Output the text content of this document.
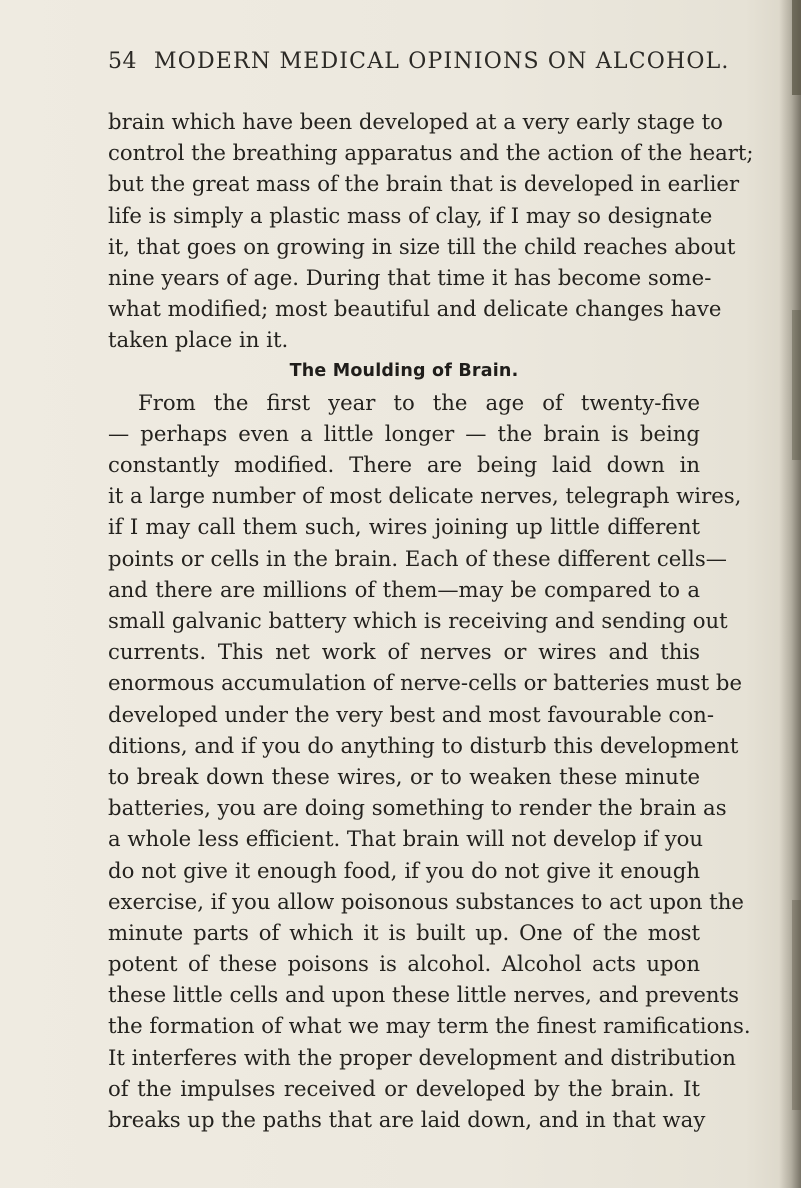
54 MODERN MEDICAL OPINIONS ON ALCOHOL.
brain which have been developed at a very early stage to
control the breathing apparatus and the action of the heart;
but the great mass of the brain that is developed in earlier
life is simply a plastic mass of clay, if I may so designate
it, that goes on growing in size till the child reaches about
nine years of age. During that time it has become some-
what modified; most beautiful and delicate changes have
taken place in it.
The Moulding of Brain.
From the first year to the age of twenty-five
— perhaps even a little longer — the brain is being
constantly modified. There are being laid down in
it a large number of most delicate nerves, telegraph wires,
if I may call them such, wires joining up little different
points or cells in the brain. Each of these different cells—
and there are millions of them—may be compared to a
small galvanic battery which is receiving and sending out
currents. This net work of nerves or wires and this
enormous accumulation of nerve-cells or batteries must be
developed under the very best and most favourable con-
ditions, and if you do anything to disturb this development
to break down these wires, or to weaken these minute
batteries, you are doing something to render the brain as
a whole less efficient. That brain will not develop if you
do not give it enough food, if you do not give it enough
exercise, if you allow poisonous substances to act upon the
minute parts of which it is built up. One of the most
potent of these poisons is alcohol. Alcohol acts upon
these little cells and upon these little nerves, and prevents
the formation of what we may term the finest ramifications.
It interferes with the proper development and distribution
of the impulses received or developed by the brain. It
breaks up the paths that are laid down, and in that way
